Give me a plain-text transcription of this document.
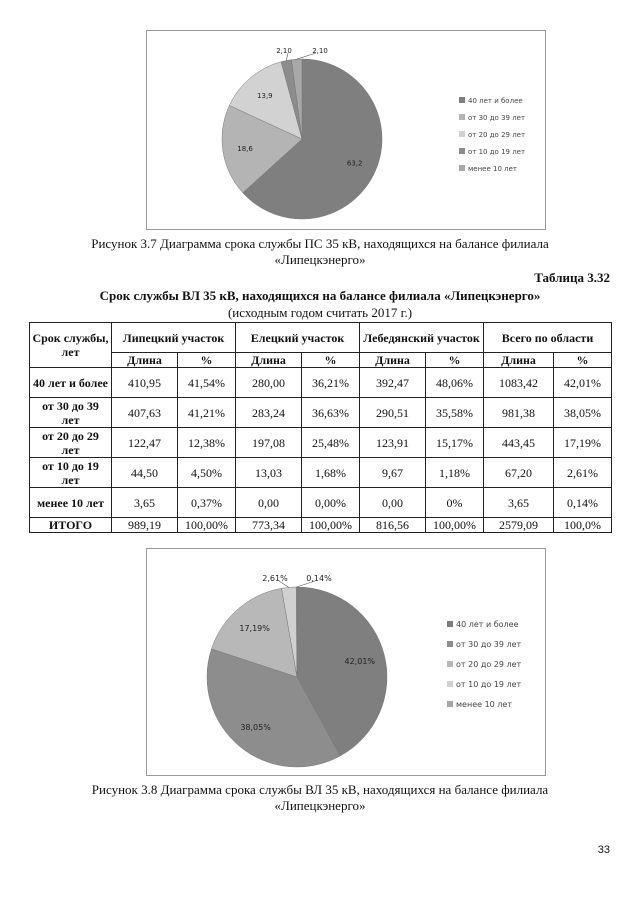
63,2
18,6
13,9
2,10	2,10
40 лет и более
от 30 до 39 лет
от 20 до 29 лет
от 10 до 19 лет
менее 10 лет
Рисунок 3.7 Диаграмма срока службы ПС 35 кВ, находящихся на балансе филиала «Липецкэнерго»
Таблица 3.32
Срок службы ВЛ 35 кВ, находящихся на балансе филиала «Липецкэнерго»
(исходным годом считать 2017 г.)
Срок службы, лет	Липецкий участок		Елецкий участок		Лебедянский участок		Всего по области	
	Длина	%	Длина	%	Длина	%	Длина	%
40 лет и более	410,95	41,54%	280,00	36,21%	392,47	48,06%	1083,42	42,01%
от 30 до 39 лет	407,63	41,21%	283,24	36,63%	290,51	35,58%	981,38	38,05%
от 20 до 29 лет	122,47	12,38%	197,08	25,48%	123,91	15,17%	443,45	17,19%
от 10 до 19 лет	44,50	4,50%	13,03	1,68%	9,67	1,18%	67,20	2,61%
менее 10 лет	3,65	0,37%	0,00	0,00%	0,00	0%	3,65	0,14%
ИТОГО	989,19	100,00%	773,34	100,00%	816,56	100,00%	2579,09	100,0%
42,01%
38,05%
17,19%
2,61% 0,14%
40 лет и более
от 30 до 39 лет
от 20 до 29 лет
от 10 до 19 лет
менее 10 лет
Рисунок 3.8 Диаграмма срока службы ВЛ 35 кВ, находящихся на балансе филиала «Липецкэнерго»
33
